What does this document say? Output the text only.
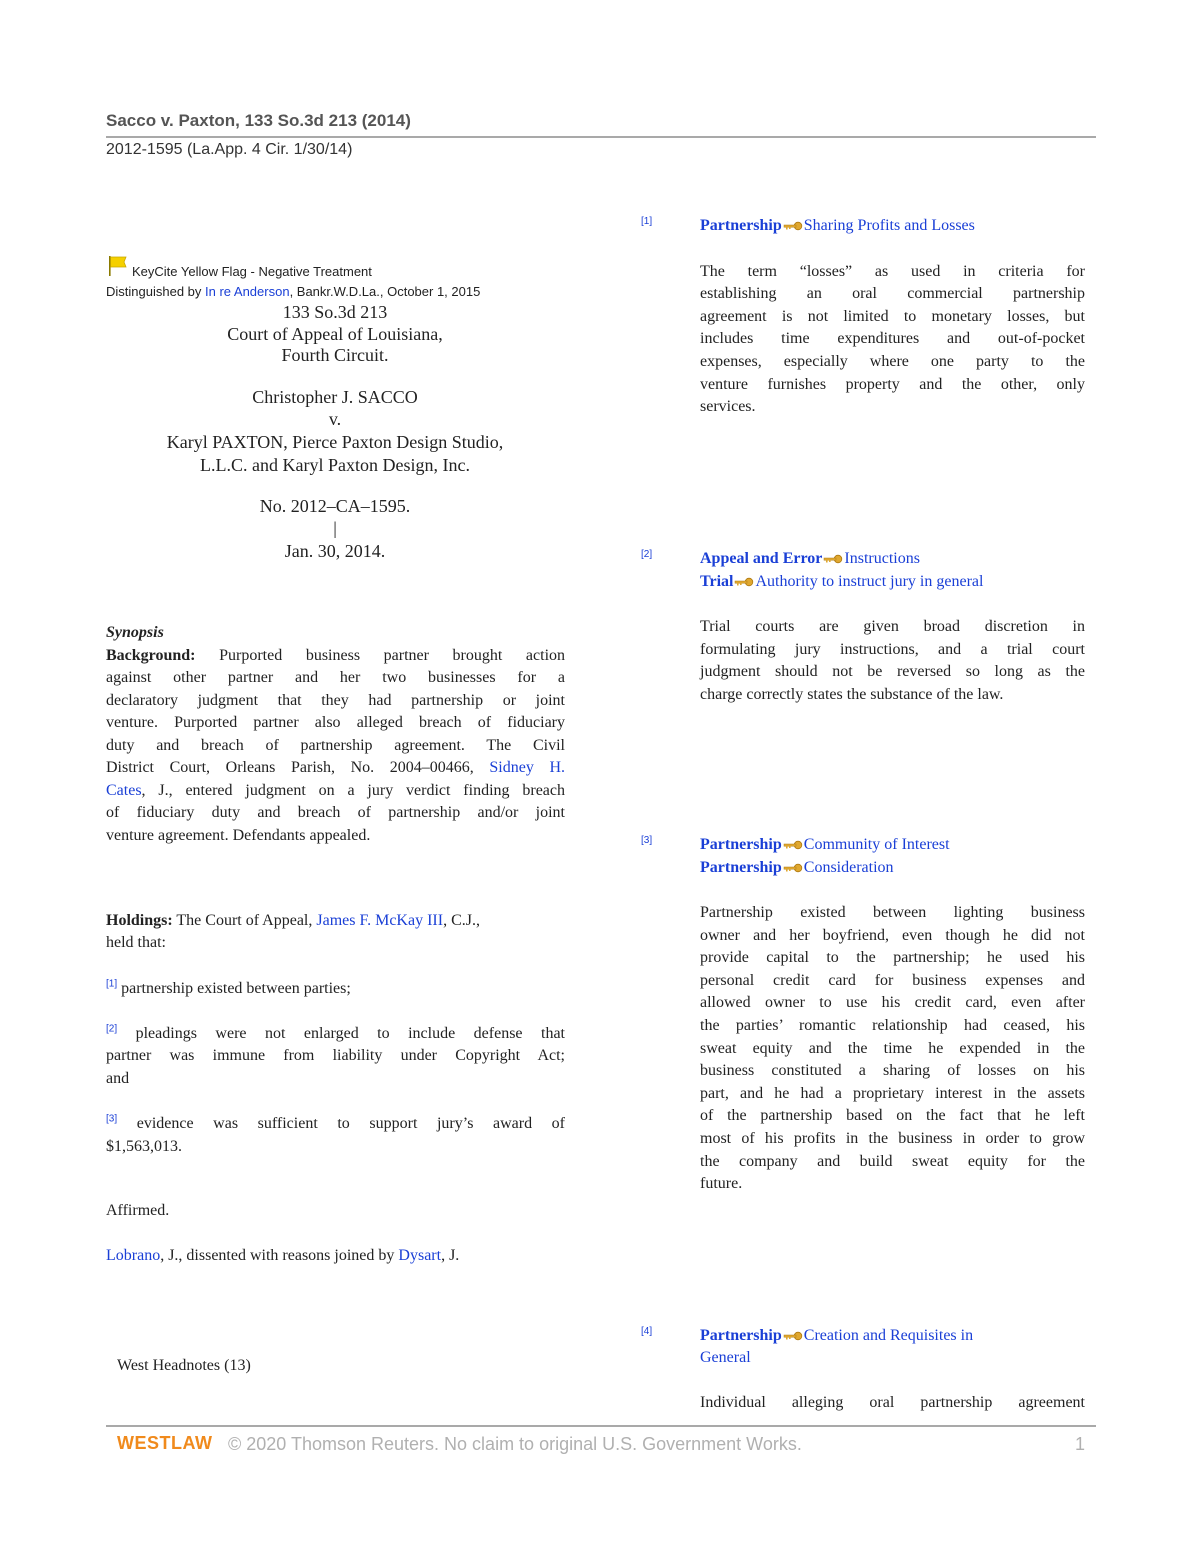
Sacco v. Paxton, 133 So.3d 213 (2014)
2012-1595 (La.App. 4 Cir. 1/30/14)
KeyCite Yellow Flag - Negative Treatment
Distinguished by In re Anderson, Bankr.W.D.La., October 1, 2015
133 So.3d 213
Court of Appeal of Louisiana,
Fourth Circuit.
Christopher J. SACCO
v.
Karyl PAXTON, Pierce Paxton Design Studio,
L.L.C. and Karyl Paxton Design, Inc.
No. 2012–CA–1595.
|
Jan. 30, 2014.
Synopsis
Background: Purported business partner brought action
against other partner and her two businesses for a
declaratory judgment that they had partnership or joint
venture. Purported partner also alleged breach of fiduciary
duty and breach of partnership agreement. The Civil
District Court, Orleans Parish, No. 2004–00466, Sidney H.
Cates, J., entered judgment on a jury verdict finding breach
of fiduciary duty and breach of partnership and/or joint
venture agreement. Defendants appealed.
Holdings: The Court of Appeal, James F. McKay III, C.J.,
held that:
[1] partnership existed between parties;
[2] pleadings were not enlarged to include defense that
partner was immune from liability under Copyright Act;
and
[3] evidence was sufficient to support jury’s award of
$1,563,013.
Affirmed.
Lobrano, J., dissented with reasons joined by Dysart, J.
West Headnotes (13)
[1]	Partnership Sharing Profits and Losses
The term “losses” as used in criteria for
establishing an oral commercial partnership
agreement is not limited to monetary losses, but
includes time expenditures and out-of-pocket
expenses, especially where one party to the
venture furnishes property and the other, only
services.
[2]	Appeal and Error Instructions
Trial Authority to instruct jury in general
Trial courts are given broad discretion in
formulating jury instructions, and a trial court
judgment should not be reversed so long as the
charge correctly states the substance of the law.
[3]	Partnership Community of Interest
Partnership Consideration
Partnership existed between lighting business
owner and her boyfriend, even though he did not
provide capital to the partnership; he used his
personal credit card for business expenses and
allowed owner to use his credit card, even after
the parties’ romantic relationship had ceased, his
sweat equity and the time he expended in the
business constituted a sharing of losses on his
part, and he had a proprietary interest in the assets
of the partnership based on the fact that he left
most of his profits in the business in order to grow
the company and build sweat equity for the
future.
[4]	Partnership Creation and Requisites in
General
Individual alleging oral partnership agreement
WESTLAW © 2020 Thomson Reuters. No claim to original U.S. Government Works.	1
